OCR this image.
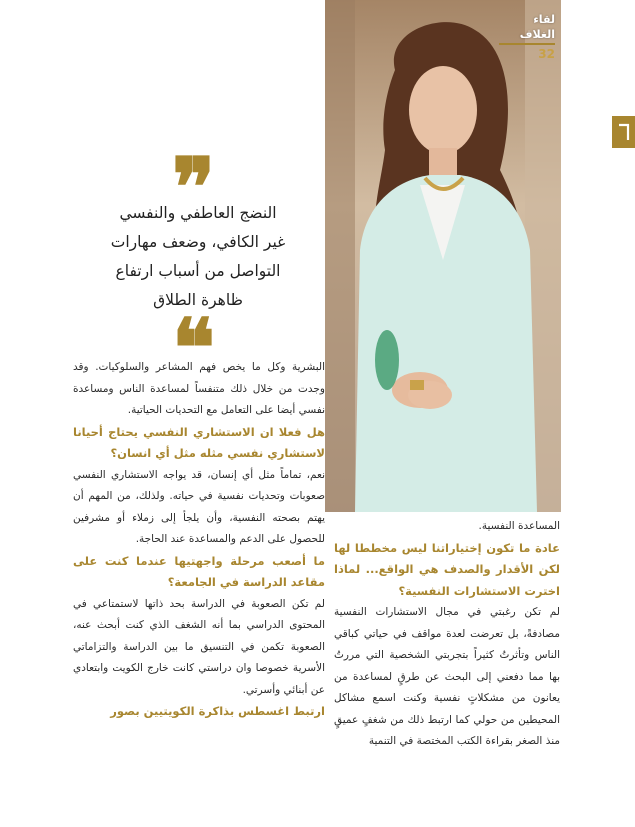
لقاء الغلاف
32
❞
النضج العاطفي والنفسي
غير الكافي، وضعف مهارات
التواصل من أسباب ارتفاع
ظاهرة الطلاق
❝

البشرية وكل ما يخص فهم المشاعر والسلوكيات. وقد وجدت من خلال ذلك متنفساً لمساعدة الناس ومساعدة نفسي أيضا على التعامل مع التحديات الحياتية.

هل فعلا ان الاستشاري النفسي يحتاج أحيانا لاستشاري نفسي مثله مثل أي انسان؟

نعم، تماماً مثل أي إنسان، قد يواجه الاستشاري النفسي صعوبات وتحديات نفسية في حياته. ولذلك، من المهم أن يهتم بصحته النفسية، وأن يلجأ إلى زملاء أو مشرفين للحصول على الدعم والمساعدة عند الحاجة.

ما أصعب مرحلة واجهتيها عندما كنت على مقاعد الدراسة في الجامعة؟

لم تكن الصعوبة في الدراسة بحد ذاتها لاستمتاعي في المحتوى الدراسي بما أنه الشغف الذي كنت أبحث عنه، الصعوبة تكمن في التنسيق ما بين الدراسة والتزاماتي الأسرية خصوصا وان دراستي كانت خارج الكويت وابتعادي عن أبنائي وأسرتي.

ارتبط اغسطس بذاكرة الكويتيين بصور

المساعدة النفسية.

عادة ما تكون إختياراتنا ليس مخططا لها لكن الأقدار والصدف هي الواقع... لماذا اخترت الاستشارات النفسية؟

لم تكن رغبتي في مجال الاستشارات النفسية مصادفةً، بل تعرضت لعدة مواقف في حياتي كباقي الناس وتأثرتُ كثيراً بتجربتي الشخصية التي مررتُ بها مما دفعني إلى البحث عن طرقٍ لمساعدة من يعانون من مشكلاتٍ نفسية وكنت اسمع مشاكل المحيطين من حولي كما ارتبط ذلك من شغفٍ عميقٍ منذ الصغر بقراءة الكتب المختصة في التنمية
